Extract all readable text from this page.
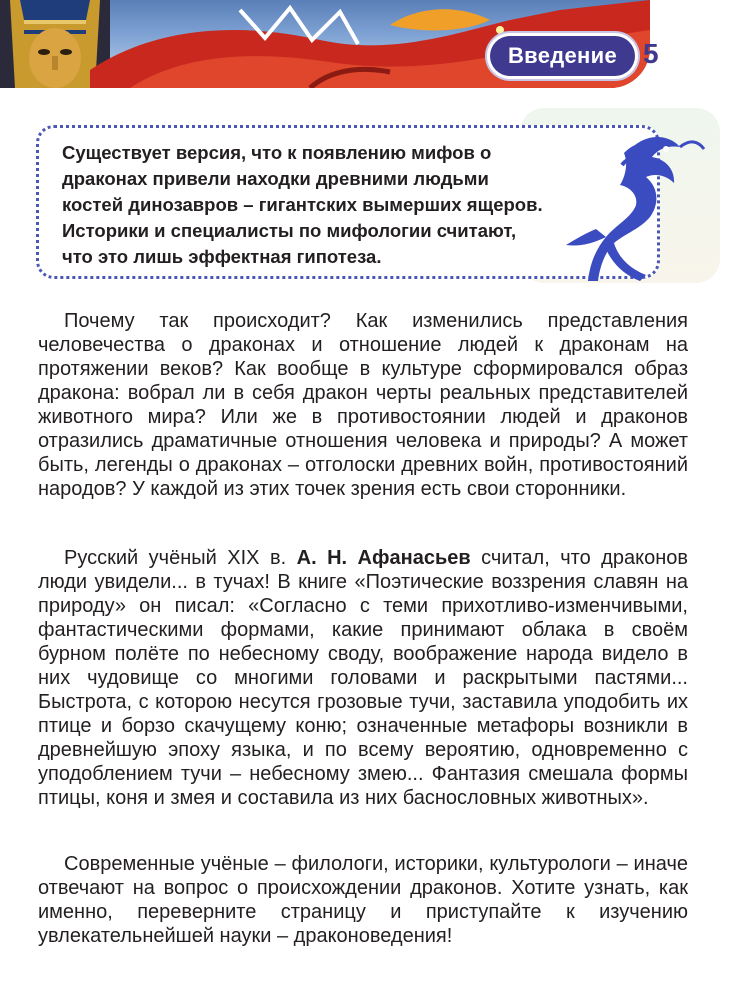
Введение 5

Существует версия, что к появлению мифов о драконах привели находки древними людьми костей динозавров – гигантских вымерших ящеров. Историки и специалисты по мифологии считают, что это лишь эффектная гипотеза.

Почему так происходит? Как изменились представления человечества о драконах и отношение людей к драконам на протяжении веков? Как вообще в культуре сформировался образ дракона: вобрал ли в себя дракон черты реальных представителей животного мира? Или же в противостоянии людей и драконов отразились драматичные отношения человека и природы? А может быть, легенды о драконах – отголоски древних войн, противостояний народов? У каждой из этих точек зрения есть свои сторонники.

Русский учёный XIX в. А. Н. Афанасьев считал, что драконов люди увидели... в тучах! В книге «Поэтические воззрения славян на природу» он писал: «Согласно с теми прихотливо-изменчивыми, фантастическими формами, какие принимают облака в своём бурном полёте по небесному своду, воображение народа видело в них чудовище со многими головами и раскрытыми пастями... Быстрота, с которою несутся грозовые тучи, заставила уподобить их птице и борзо скачущему коню; означенные метафоры возникли в древнейшую эпоху языка, и по всему вероятию, одновременно с уподоблением тучи – небесному змею... Фантазия смешала формы птицы, коня и змея и составила из них баснословных животных».

Современные учёные – филологи, историки, культурологи – иначе отвечают на вопрос о происхождении драконов. Хотите узнать, как именно, переверните страницу и приступайте к изучению увлекательнейшей науки – драконоведения!
